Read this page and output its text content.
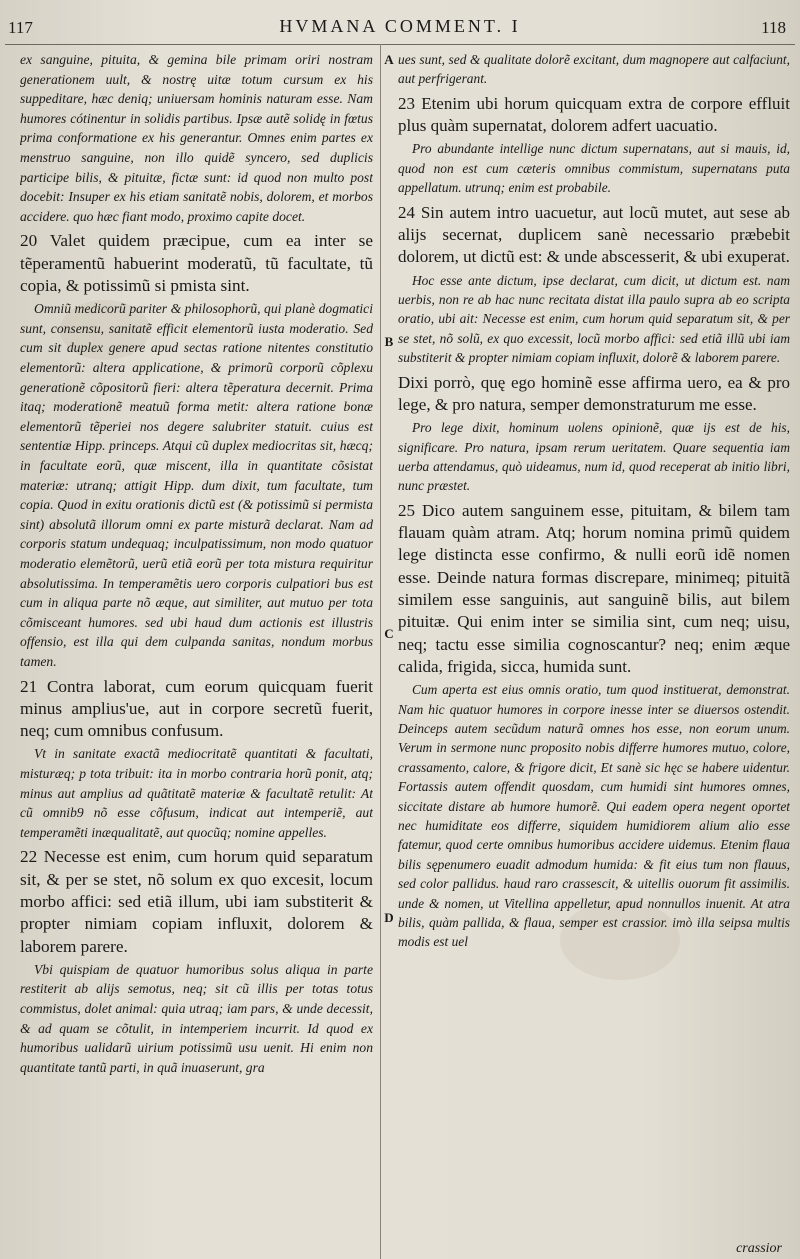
117	HVMANA COMMENT. I	118
A
B
C
D

ex sanguine, pituita, & gemina bile primam oriri nostram generationem uult, & nostrę uitæ totum cursum ex his suppeditare, hæc deniq; uniuersam hominis naturam esse. Nam humores cótinentur in solidis partibus. Ipsæ autẽ solidę in fœtus prima conformatione ex his generantur. Omnes enim partes ex menstruo sanguine, non illo quidẽ syncero, sed duplicis participe bilis, & pituitæ, fictæ sunt: id quod non multo post docebit: Insuper ex his etiam sanitatẽ nobis, dolorem, et morbos accidere. quo hæc fiant modo, proximo capite docet.

20 Valet quidem præcipue, cum ea inter se tẽperamentũ habuerint moderatũ, tũ facultate, tũ copia, & potissimũ si pmista sint.

Omniũ medicorũ pariter & philosophorũ, qui planè dogmatici sunt, consensu, sanitatẽ efficit elementorũ iusta moderatio. Sed cum sit duplex genere apud sectas ratione nitentes constitutio elementorũ: altera applicatione, & primorũ corporũ cõplexu generationẽ cõpositorũ fieri: altera tẽperatura decernit. Prima itaq; moderationẽ meatuũ forma metit: altera ratione bonæ elementorũ tẽperiei nos degere salubriter statuit. cuius est sententiæ Hipp. princeps. Atqui cũ duplex mediocritas sit, hæcq; in facultate eorũ, quæ miscent, illa in quantitate cõsistat materiæ: utranq; attigit Hipp. dum dixit, tum facultate, tum copia. Quod in exitu orationis dictũ est (& potissimũ si permista sint) absolutã illorum omni ex parte misturã declarat. Nam ad corporis statum undequaq; inculpatissimum, non modo quatuor moderatio elemẽtorũ, uerũ etiã eorũ per tota mistura requiritur absolutissima. In temperamẽtis uero corporis culpatiori bus est cum in aliqua parte nõ æque, aut similiter, aut mutuo per tota cõmisceant humores. sed ubi haud dum actionis est illustris offensio, est illa qui dem culpanda sanitas, nondum morbus tamen.

21 Contra laborat, cum eorum quicquam fuerit minus amplius'ue, aut in corpore secretũ fuerit, neq; cum omnibus confusum.

Vt in sanitate exactã mediocritatẽ quantitati & facultati, misturæq; p tota tribuit: ita in morbo contraria horũ ponit, atq; minus aut amplius ad quãtitatẽ materiæ & facultatẽ retulit: At cũ omnib9 nõ esse cõfusum, indicat aut intemperiẽ, aut temperamẽti inæqualitatẽ, aut quocũq; nomine appelles.

22 Necesse est enim, cum horum quid separatum sit, & per se stet, nõ solum ex quo excesit, locum morbo affici: sed etiã illum, ubi iam substiterit & propter nimiam copiam influxit, dolorem & laborem parere.

Vbi quispiam de quatuor humoribus solus aliqua in parte restiterit ab alijs semotus, neq; sit cũ illis per totas totus commistus, dolet animal: quia utraq; iam pars, & unde decessit, & ad quam se cõtulit, in intemperiem incurrit. Id quod ex humoribus ualidarũ uirium potissimũ usu uenit. Hi enim non quantitate tantũ parti, in quã inuaserunt, gra

ues sunt, sed & qualitate dolorẽ excitant, dum magnopere aut calfaciunt, aut perfrigerant.

23 Etenim ubi horum quicquam extra de corpore effluit plus quàm supernatat, dolorem adfert uacuatio.

Pro abundante intellige nunc dictum supernatans, aut si mauis, id, quod non est cum cæteris omnibus commistum, supernatans puta appellatum. utrunq; enim est probabile.

24 Sin autem intro uacuetur, aut locũ mutet, aut sese ab alijs secernat, duplicem sanè necessario præbebit dolorem, ut dictũ est: & unde abscesserit, & ubi exuperat.

Hoc esse ante dictum, ipse declarat, cum dicit, ut dictum est. nam uerbis, non re ab hac nunc recitata distat illa paulo supra ab eo scripta oratio, ubi ait: Necesse est enim, cum horum quid separatum sit, & per se stet, nõ solũ, ex quo excessit, locũ morbo affici: sed etiã illũ ubi iam substiterit & propter nimiam copiam influxit, dolorẽ & laborem parere.

Dixi porrò, quę ego hominẽ esse affirma uero, ea & pro lege, & pro natura, semper demonstraturum me esse.

Pro lege dixit, hominum uolens opinionẽ, quæ ijs est de his, significare. Pro natura, ipsam rerum ueritatem. Quare sequentia iam uerba attendamus, quò uideamus, num id, quod receperat ab initio libri, nunc præstet.

25 Dico autem sanguinem esse, pituitam, & bilem tam flauam quàm atram. Atq; horum nomina primũ quidem lege distincta esse confirmo, & nulli eorũ idẽ nomen esse. Deinde natura formas discrepare, minimeq; pituitã similem esse sanguinis, aut sanguinẽ bilis, aut bilem pituitæ. Qui enim inter se similia sint, cum neq; uisu, neq; tactu esse similia cognoscantur? neq; enim æque calida, frigida, sicca, humida sunt.

Cum aperta est eius omnis oratio, tum quod instituerat, demonstrat. Nam hic quatuor humores in corpore inesse inter se diuersos ostendit. Deinceps autem secũdum naturã omnes hos esse, non eorum unum. Verum in sermone nunc proposito nobis differre humores mutuo, colore, crassamento, calore, & frigore dicit, Et sanè sic hęc se habere uidentur. Fortassis autem offendit quosdam, cum humidi sint humores omnes, siccitate distare ab humore humorẽ. Qui eadem opera negent oportet nec humiditate eos differre, siquidem humidiorem alium alio esse fatemur, quod certe omnibus humoribus accidere uidemus. Etenim flaua bilis sępenumero euadit admodum humida: & fit eius tum non flauus, sed color pallidus. haud raro crassescit, & uitellis ouorum fit assimilis. unde & nomen, ut Vitellina appelletur, apud nonnullos inuenit. At atra bilis, quàm pallida, & flaua, semper est crassior. imò illa seipsa multis modis est uel

crassior
